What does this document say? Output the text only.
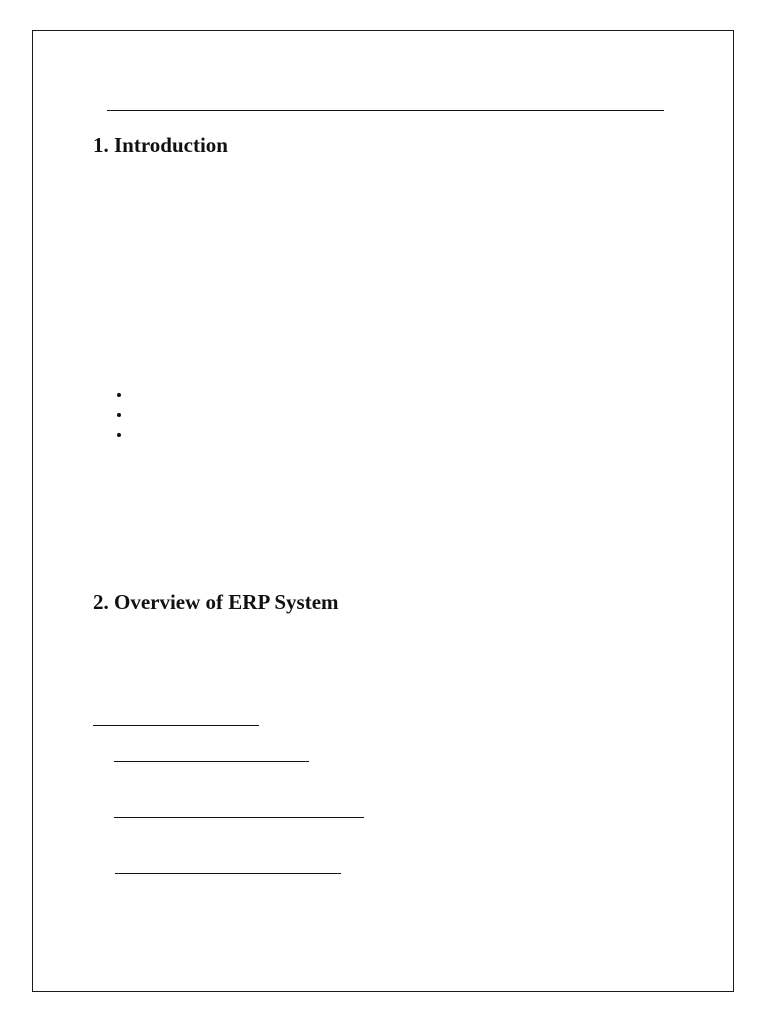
1. Introduction
2. Overview of ERP System
